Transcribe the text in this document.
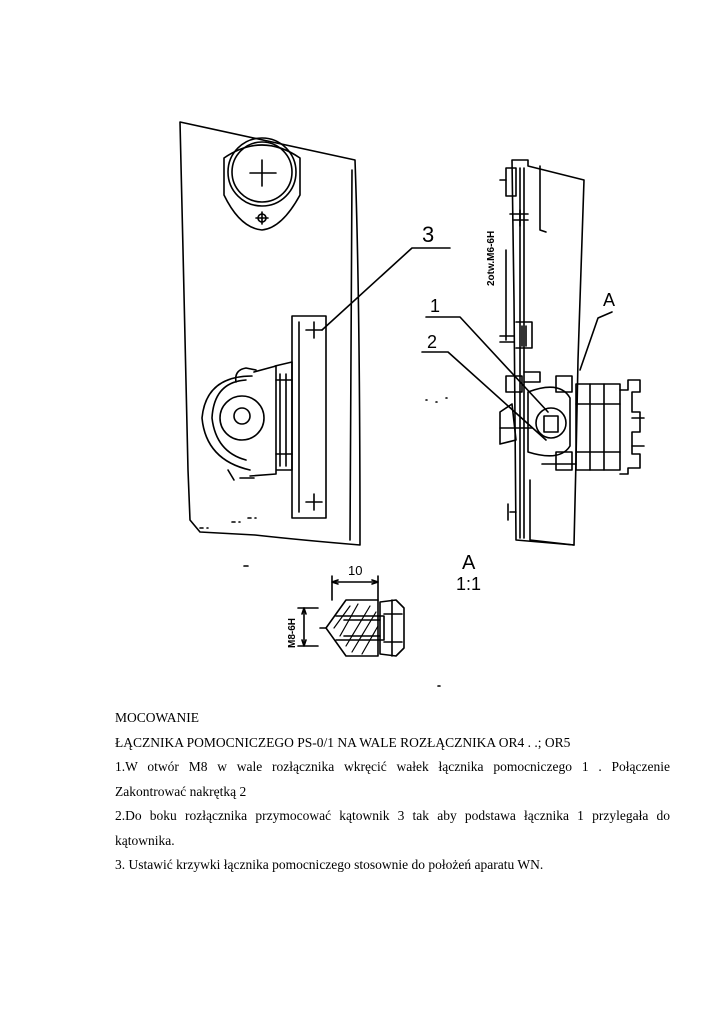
3
1
2
A
2otw.M6-6H
10
M8-6H
A
1:1

MOCOWANIE

ŁĄCZNIKA POMOCNICZEGO PS-0/1 NA WALE ROZŁĄCZNIKA OR4 . .; OR5

1.W otwór M8 w wale rozłącznika wkręcić wałek łącznika pomocniczego 1 . Połączenie

Zakontrować nakrętką 2

2.Do boku rozłącznika przymocować kątownik 3 tak aby podstawa łącznika 1 przylegała do

kątownika.

3. Ustawić krzywki łącznika pomocniczego stosownie do położeń aparatu WN.
